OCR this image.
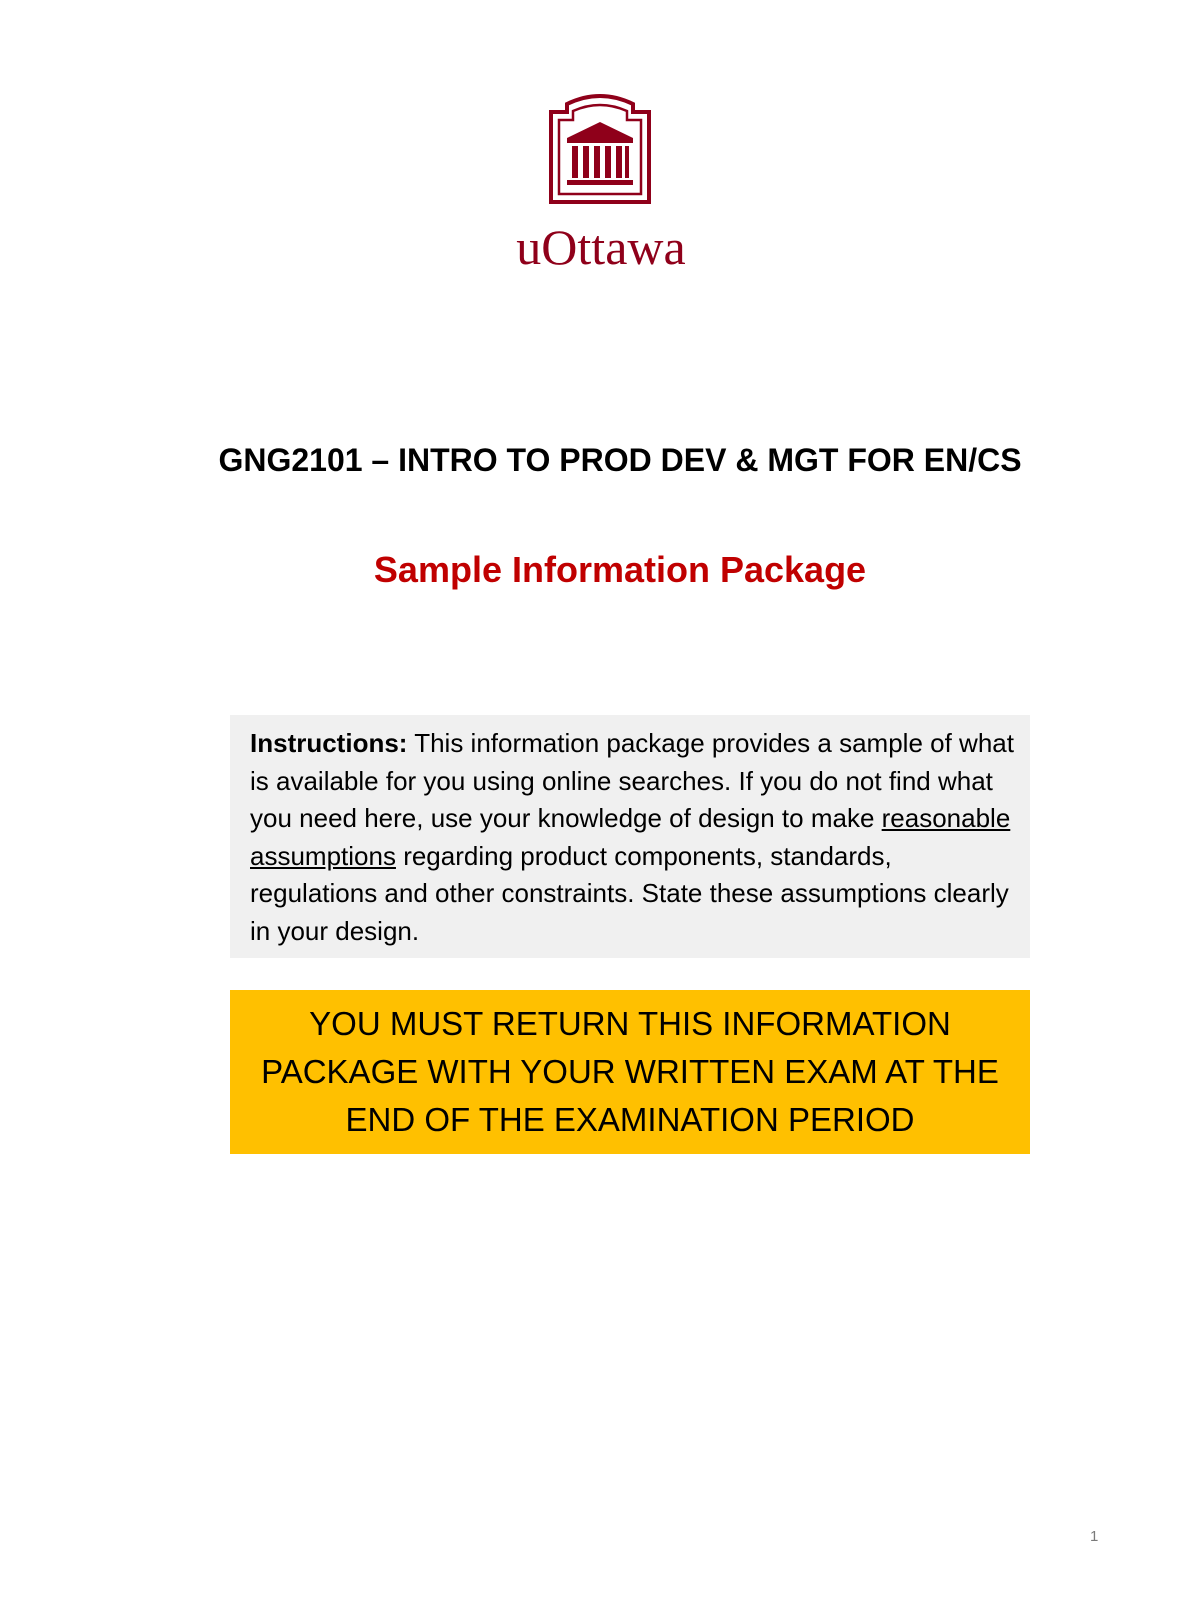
uOttawa
GNG2101 – INTRO TO PROD DEV & MGT FOR EN/CS
Sample Information Package
Instructions: This information package provides a sample of what is available for you using online searches. If you do not find what you need here, use your knowledge of design to make reasonable assumptions regarding product components, standards, regulations and other constraints. State these assumptions clearly in your design.
YOU MUST RETURN THIS INFORMATION
PACKAGE WITH YOUR WRITTEN EXAM AT THE
END OF THE EXAMINATION PERIOD
1
